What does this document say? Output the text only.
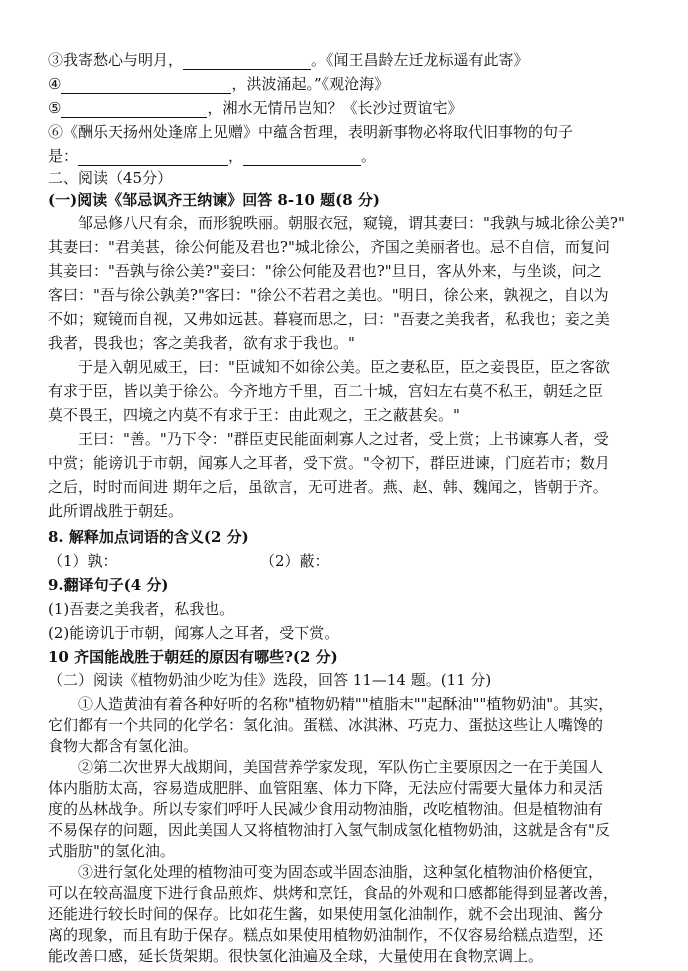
③我寄愁心与明月，	。《闻王昌龄左迁龙标遥有此寄》
④	，洪波涌起。”《观沧海》
⑤	，湘水无情吊岂知？《长沙过贾谊宅》
⑥《酬乐天扬州处逢席上见赠》中蕴含哲理，表明新事物必将取代旧事物的句子
是：	，	。
二、阅读（45分）
(一)阅读《邹忌讽齐王纳谏》回答 8-10 题(8 分)
邹忌修八尺有余，而形貌昳丽。朝服衣冠，窥镜，谓其妻曰："我孰与城北徐公美?"
其妻曰："君美甚，徐公何能及君也?"城北徐公，齐国之美丽者也。忌不自信，而复问
其妾曰："吾孰与徐公美?"妾曰："徐公何能及君也?"旦日，客从外来，与坐谈，问之
客曰："吾与徐公孰美?"客曰："徐公不若君之美也。"明日，徐公来，孰视之，自以为
不如；窥镜而自视，又弗如远甚。暮寝而思之，曰："吾妻之美我者，私我也；妾之美
我者，畏我也；客之美我者，欲有求于我也。"
于是入朝见威王，曰："臣诚知不如徐公美。臣之妻私臣，臣之妾畏臣，臣之客欲
有求于臣，皆以美于徐公。今齐地方千里，百二十城，宫妇左右莫不私王，朝廷之臣
莫不畏王，四境之内莫不有求于王：由此观之，王之蔽甚矣。"
王曰："善。"乃下令："群臣吏民能面刺寡人之过者，受上赏；上书谏寡人者，受
中赏；能谤讥于市朝，闻寡人之耳者，受下赏。"令初下，群臣进谏，门庭若市；数月
之后，时时而间进 期年之后，虽欲言，无可进者。燕、赵、韩、魏闻之，皆朝于齐。
此所谓战胜于朝廷。
8. 解释加点词语的含义(2 分)
（1）孰：	（2）蔽：
9.翻译句子(4 分)
(1)吾妻之美我者，私我也。
(2)能谤讥于市朝，闻寡人之耳者，受下赏。
10 齐国能战胜于朝廷的原因有哪些?(2 分)
（二）阅读《植物奶油少吃为佳》选段，回答 11—14 题。(11 分)
①人造黄油有着各种好听的名称"植物奶精""植脂末""起酥油""植物奶油"。其实，
它们都有一个共同的化学名：氢化油。蛋糕、冰淇淋、巧克力、蛋挞这些让人嘴馋的
食物大都含有氢化油。
②第二次世界大战期间，美国营养学家发现，军队伤亡主要原因之一在于美国人
体内脂肪太高，容易造成肥胖、血管阻塞、体力下降，无法应付需要大量体力和灵活
度的丛林战争。所以专家们呼吁人民减少食用动物油脂，改吃植物油。但是植物油有
不易保存的问题，因此美国人又将植物油打入氢气制成氢化植物奶油，这就是含有"反
式脂肪"的氢化油。
③进行氢化处理的植物油可变为固态或半固态油脂，这种氢化植物油价格便宜，
可以在较高温度下进行食品煎炸、烘烤和烹饪，食品的外观和口感都能得到显著改善，
还能进行较长时间的保存。比如花生酱，如果使用氢化油制作，就不会出现油、酱分
离的现象，而且有助于保存。糕点如果使用植物奶油制作，不仅容易给糕点造型，还
能改善口感，延长货架期。很快氢化油遍及全球，大量使用在食物烹调上。
